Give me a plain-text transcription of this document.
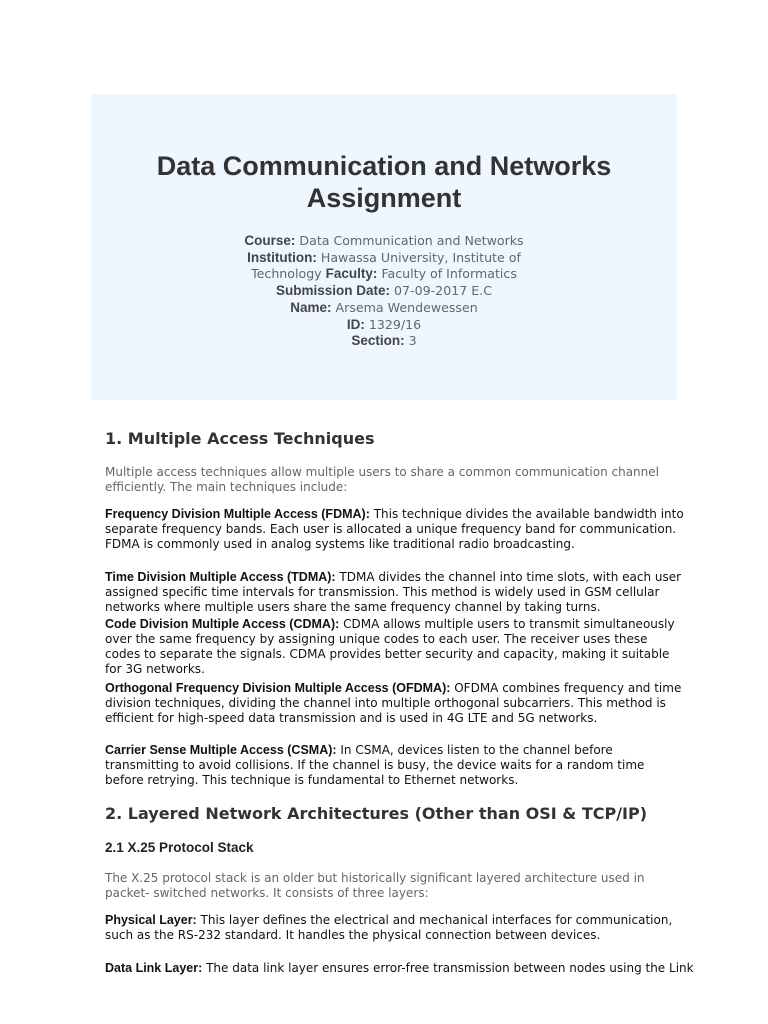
Data Communication and Networks
Assignment
Course: Data Communication and Networks Institution: Hawassa University, Institute of Technology Faculty: Faculty of Informatics
Submission Date: 07-09-2017 E.C
Name: Arsema Wendewessen
ID: 1329/16
Section: 3
1. Multiple Access Techniques

Multiple access techniques allow multiple users to share a common communication channel efficiently. The main techniques include:

Frequency Division Multiple Access (FDMA): This technique divides the available bandwidth into separate frequency bands. Each user is allocated a unique frequency band for communication. FDMA is commonly used in analog systems like traditional radio broadcasting.

Time Division Multiple Access (TDMA): TDMA divides the channel into time slots, with each user assigned specific time intervals for transmission. This method is widely used in GSM cellular networks where multiple users share the same frequency channel by taking turns.

Code Division Multiple Access (CDMA): CDMA allows multiple users to transmit simultaneously over the same frequency by assigning unique codes to each user. The receiver uses these codes to separate the signals. CDMA provides better security and capacity, making it suitable for 3G networks.

Orthogonal Frequency Division Multiple Access (OFDMA): OFDMA combines frequency and time division techniques, dividing the channel into multiple orthogonal subcarriers. This method is efficient for high-speed data transmission and is used in 4G LTE and 5G networks.

Carrier Sense Multiple Access (CSMA): In CSMA, devices listen to the channel before transmitting to avoid collisions. If the channel is busy, the device waits for a random time before retrying. This technique is fundamental to Ethernet networks.

2. Layered Network Architectures (Other than OSI & TCP/IP)
2.1 X.25 Protocol Stack

The X.25 protocol stack is an older but historically significant layered architecture used in packet- switched networks. It consists of three layers:

Physical Layer: This layer defines the electrical and mechanical interfaces for communication, such as the RS-232 standard. It handles the physical connection between devices.

Data Link Layer: The data link layer ensures error-free transmission between nodes using the Link
